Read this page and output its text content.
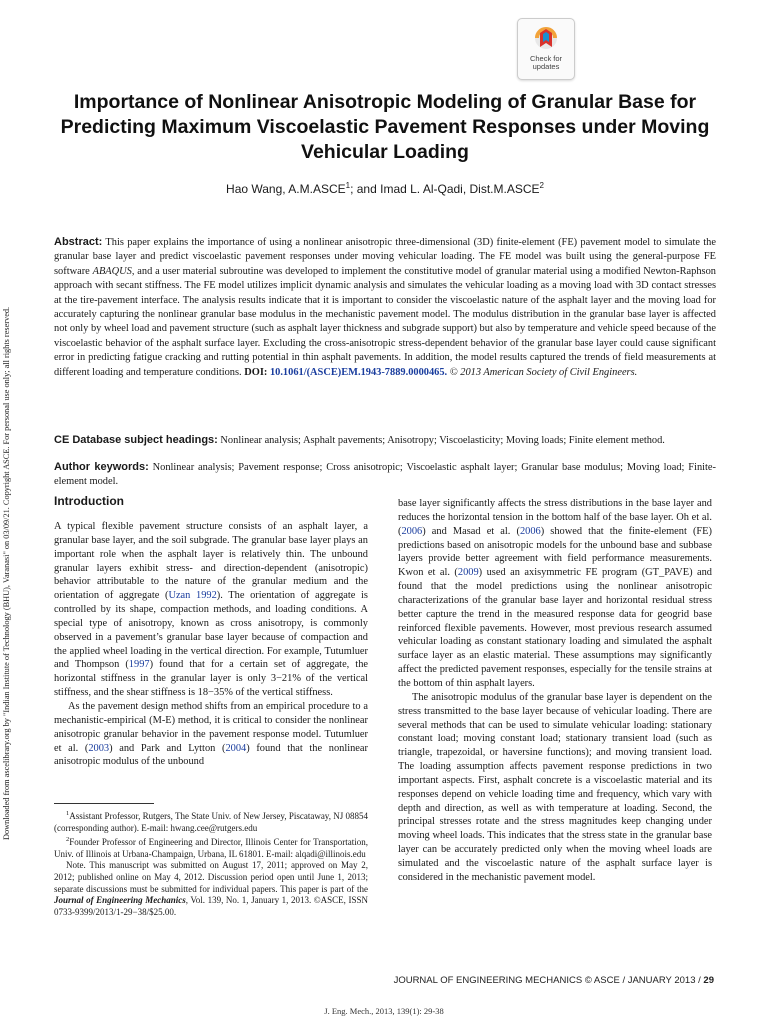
Downloaded from ascelibrary.org by "Indian Institute of Technology (BHU), Varanasi" on 03/09/21. Copyright ASCE. For personal use only; all rights reserved.
Check for
updates
Importance of Nonlinear Anisotropic Modeling of Granular Base for Predicting Maximum Viscoelastic Pavement Responses under Moving Vehicular Loading
Hao Wang, A.M.ASCE$^1$; and Imad L. Al-Qadi, Dist.M.ASCE$^2$
Abstract: This paper explains the importance of using a nonlinear anisotropic three-dimensional (3D) finite-element (FE) pavement model to simulate the granular base layer and predict viscoelastic pavement responses under moving vehicular loading. The FE model was built using the general-purpose FE software ABAQUS, and a user material subroutine was developed to implement the constitutive model of granular material using a modified Newton-Raphson approach with secant stiffness. The FE model utilizes implicit dynamic analysis and simulates the vehicular loading as a moving load with 3D contact stresses at the tire-pavement interface. The analysis results indicate that it is important to consider the viscoelastic nature of the asphalt layer and the moving load for accurately capturing the nonlinear granular base modulus in the mechanistic pavement model. The modulus distribution in the granular base layer is affected not only by wheel load and pavement structure (such as asphalt layer thickness and subgrade support) but also by temperature and vehicle speed because of the viscoelastic behavior of the asphalt surface layer. Excluding the cross-anisotropic stress-dependent behavior of the granular base layer could cause significant error in predicting fatigue cracking and rutting potential in thin asphalt pavements. In addition, the model results captured the trends of field measurements at different loading and temperature conditions. DOI: 10.1061/(ASCE)EM.1943-7889.0000465. © 2013 American Society of Civil Engineers.
CE Database subject headings: Nonlinear analysis; Asphalt pavements; Anisotropy; Viscoelasticity; Moving loads; Finite element method.
Author keywords: Nonlinear analysis; Pavement response; Cross anisotropic; Viscoelastic asphalt layer; Granular base modulus; Moving load; Finite-element model.
Introduction

A typical flexible pavement structure consists of an asphalt layer, a granular base layer, and the soil subgrade. The granular base layer plays an important role when the asphalt layer is relatively thin. The unbound granular layers exhibit stress- and direction-dependent (anisotropic) behavior attributable to the nature of the granular medium and the orientation of aggregate (Uzan 1992). The orientation of aggregate is controlled by its shape, compaction methods, and loading conditions. A special type of anisotropy, known as cross anisotropy, is commonly observed in a pavement’s granular base layer because of compaction and the applied wheel loading in the vertical direction. For example, Tutumluer and Thompson (1997) found that for a certain set of aggregate, the horizontal stiffness in the granular layer is only 3−21% of the vertical stiffness, and the shear stiffness is 18−35% of the vertical stiffness.

As the pavement design method shifts from an empirical procedure to a mechanistic-empirical (M-E) method, it is critical to consider the nonlinear anisotropic granular behavior in the pavement response model. Tutumluer et al. (2003) and Park and Lytton (2004) found that the nonlinear anisotropic modulus of the unbound

$^1$Assistant Professor, Rutgers, The State Univ. of New Jersey, Piscataway, NJ 08854 (corresponding author). E-mail: hwang.cee@rutgers.edu

$^2$Founder Professor of Engineering and Director, Illinois Center for Transportation, Univ. of Illinois at Urbana-Champaign, Urbana, IL 61801. E-mail: alqadi@illinois.edu

Note. This manuscript was submitted on August 17, 2011; approved on May 2, 2012; published online on May 4, 2012. Discussion period open until June 1, 2013; separate discussions must be submitted for individual papers. This paper is part of the Journal of Engineering Mechanics, Vol. 139, No. 1, January 1, 2013. ©ASCE, ISSN 0733-9399/2013/1-29−38/$25.00.

base layer significantly affects the stress distributions in the base layer and reduces the horizontal tension in the bottom half of the base layer. Oh et al. (2006) and Masad et al. (2006) showed that the finite-element (FE) predictions based on anisotropic models for the unbound base and subbase layers provide better agreement with field performance measurements. Kwon et al. (2009) used an axisymmetric FE program (GT_PAVE) and found that the model predictions using the nonlinear anisotropic characterizations of the granular base layer and horizontal residual stress better capture the trend in the measured response data for geogrid base reinforced flexible pavements. However, most previous research assumed vehicular loading as constant stationary loading and simulated the asphalt surface layer as an elastic material. These assumptions may significantly affect the predicted pavement responses, especially for the tensile strains at the bottom of thin asphalt layers.

The anisotropic modulus of the granular base layer is dependent on the stress transmitted to the base layer because of vehicular loading. There are several methods that can be used to simulate vehicular loading: stationary constant load; moving constant load; stationary transient load (such as triangle, trapezoidal, or haversine functions); and moving transient load. The loading assumption affects pavement response predictions in two important aspects. First, asphalt concrete is a viscoelastic material and its responses depend on vehicle loading time and frequency, which vary with depth and direction, as well as with temperature at loading. Second, the principal stresses rotate and the stress magnitudes keep changing under moving wheel loads. This indicates that the stress state in the granular base layer can be accurately predicted only when the moving wheel loads are simulated and the viscoelastic nature of the asphalt surface layer is considered in the mechanistic pavement model.

JOURNAL OF ENGINEERING MECHANICS © ASCE / JANUARY 2013 / 29
J. Eng. Mech., 2013, 139(1): 29-38
